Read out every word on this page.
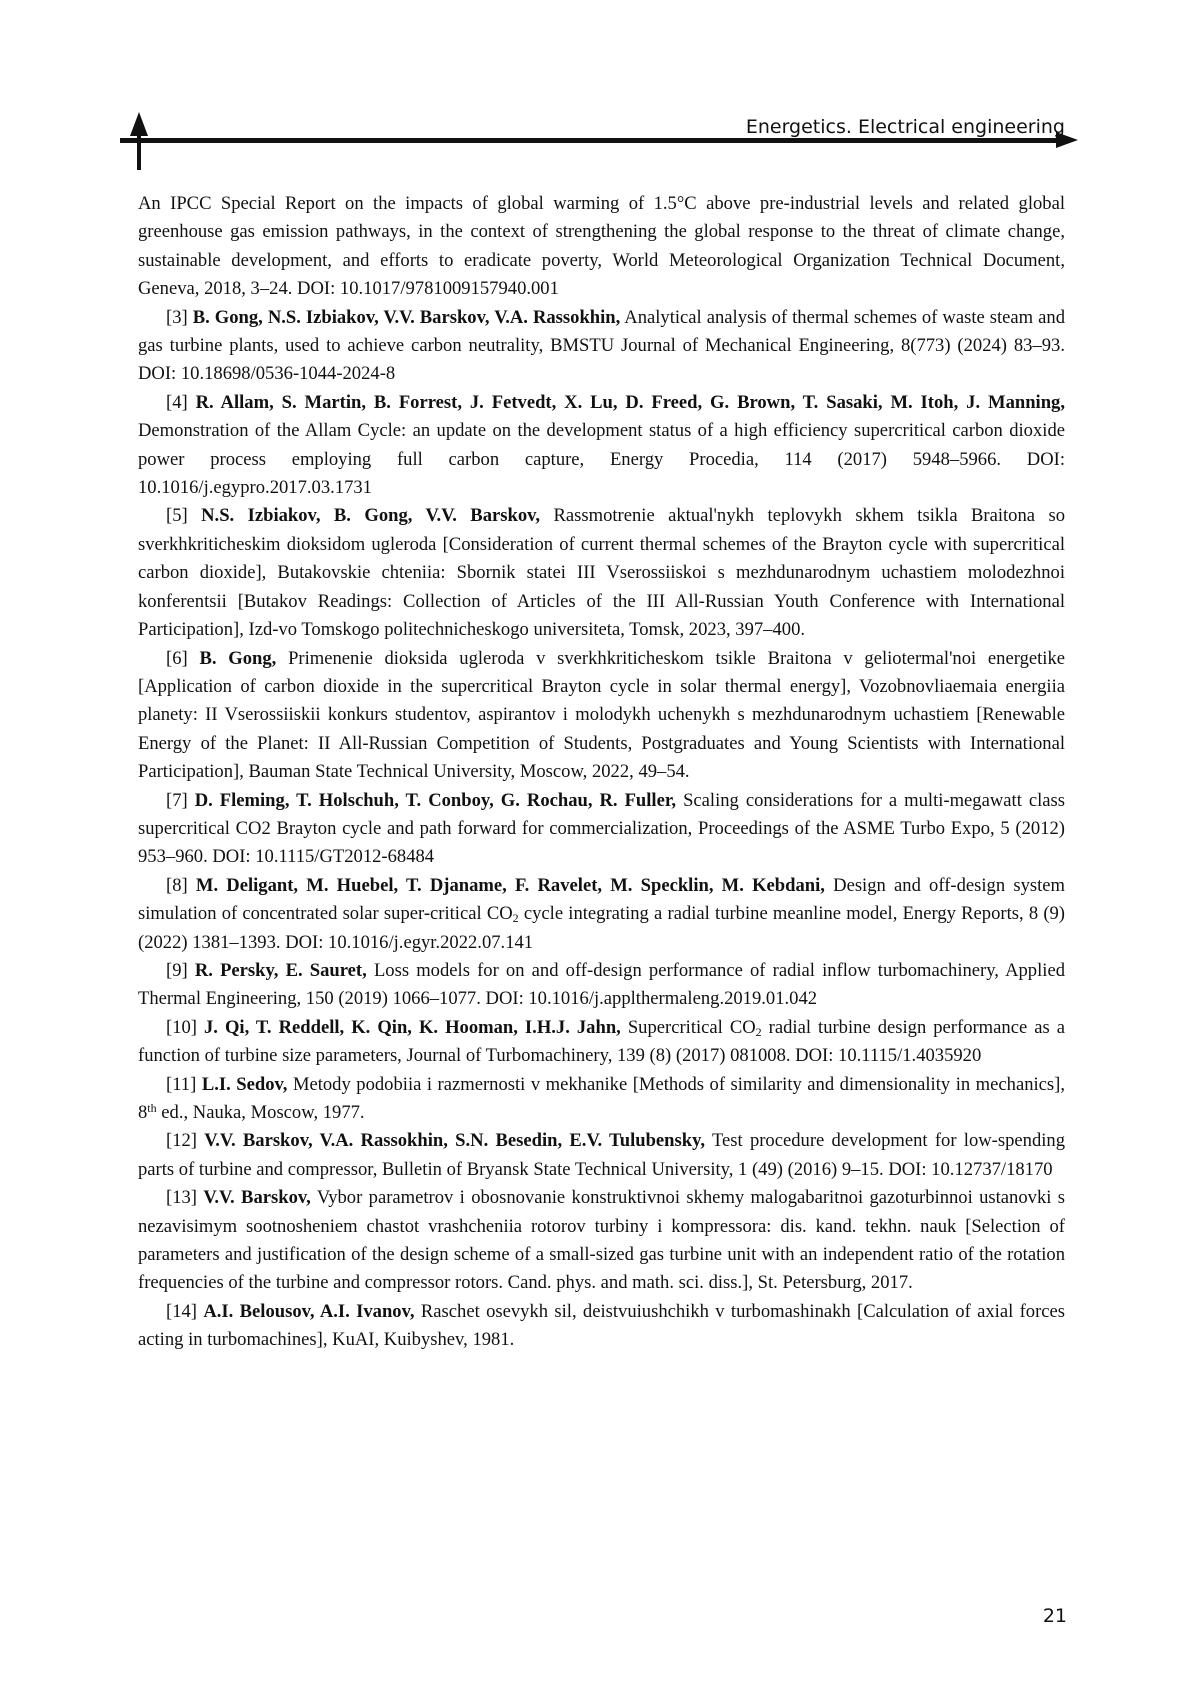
Energetics. Electrical engineering

An IPCC Special Report on the impacts of global warming of 1.5°C above pre-industrial levels and related global greenhouse gas emission pathways, in the context of strengthening the global response to the threat of climate change, sustainable development, and efforts to eradicate poverty, World Meteorological Organization Technical Document, Geneva, 2018, 3–24. DOI: 10.1017/9781009157940.001

[3] B. Gong, N.S. Izbiakov, V.V. Barskov, V.A. Rassokhin, Analytical analysis of thermal schemes of waste steam and gas turbine plants, used to achieve carbon neutrality, BMSTU Journal of Mechanical Engineering, 8(773) (2024) 83–93. DOI: 10.18698/0536-1044-2024-8

[4] R. Allam, S. Martin, B. Forrest, J. Fetvedt, X. Lu, D. Freed, G. Brown, T. Sasaki, M. Itoh, J. Manning, Demonstration of the Allam Cycle: an update on the development status of a high efficiency supercritical carbon dioxide power process employing full carbon capture, Energy Procedia, 114 (2017) 5948–5966. DOI: 10.1016/j.egypro.2017.03.1731

[5] N.S. Izbiakov, B. Gong, V.V. Barskov, Rassmotrenie aktual'nykh teplovykh skhem tsikla Braitona so sverkhkriticheskim dioksidom ugleroda [Consideration of current thermal schemes of the Brayton cycle with supercritical carbon dioxide], Butakovskie chteniia: Sbornik statei III Vserossiiskoi s mezhdunarodnym uchastiem molodezhnoi konferentsii [Butakov Readings: Collection of Articles of the III All-Russian Youth Conference with International Participation], Izd-vo Tomskogo politechnicheskogo universiteta, Tomsk, 2023, 397–400.

[6] B. Gong, Primenenie dioksida ugleroda v sverkhkriticheskom tsikle Braitona v geliotermal'noi energetike [Application of carbon dioxide in the supercritical Brayton cycle in solar thermal energy], Vozobnovliaemaia energiia planety: II Vserossiiskii konkurs studentov, aspirantov i molodykh uchenykh s mezhdunarodnym uchastiem [Renewable Energy of the Planet: II All-Russian Competition of Students, Postgraduates and Young Scientists with International Participation], Bauman State Technical University, Moscow, 2022, 49–54.

[7] D. Fleming, T. Holschuh, T. Conboy, G. Rochau, R. Fuller, Scaling considerations for a multi-megawatt class supercritical CO2 Brayton cycle and path forward for commercialization, Proceedings of the ASME Turbo Expo, 5 (2012) 953–960. DOI: 10.1115/GT2012-68484

[8] M. Deligant, M. Huebel, T. Djaname, F. Ravelet, M. Specklin, M. Kebdani, Design and off-design system simulation of concentrated solar super-critical $CO_2$ cycle integrating a radial turbine meanline model, Energy Reports, 8 (9) (2022) 1381–1393. DOI: 10.1016/j.egyr.2022.07.141

[9] R. Persky, E. Sauret, Loss models for on and off-design performance of radial inflow turbomachinery, Applied Thermal Engineering, 150 (2019) 1066–1077. DOI: 10.1016/j.applthermaleng.2019.01.042

[10] J. Qi, T. Reddell, K. Qin, K. Hooman, I.H.J. Jahn, Supercritical $CO_2$ radial turbine design performance as a function of turbine size parameters, Journal of Turbomachinery, 139 (8) (2017) 081008. DOI: 10.1115/1.4035920

[11] L.I. Sedov, Metody podobiia i razmernosti v mekhanike [Methods of similarity and dimensionality in mechanics], 8th ed., Nauka, Moscow, 1977.

[12] V.V. Barskov, V.A. Rassokhin, S.N. Besedin, E.V. Tulubensky, Test procedure development for low-spending parts of turbine and compressor, Bulletin of Bryansk State Technical University, 1 (49) (2016) 9–15. DOI: 10.12737/18170

[13] V.V. Barskov, Vybor parametrov i obosnovanie konstruktivnoi skhemy malogabaritnoi gazoturbinnoi ustanovki s nezavisimym sootnosheniem chastot vrashcheniia rotorov turbiny i kompressora: dis. kand. tekhn. nauk [Selection of parameters and justification of the design scheme of a small-sized gas turbine unit with an independent ratio of the rotation frequencies of the turbine and compressor rotors. Cand. phys. and math. sci. diss.], St. Petersburg, 2017.

[14] A.I. Belousov, A.I. Ivanov, Raschet osevykh sil, deistvuiushchikh v turbomashinakh [Calculation of axial forces acting in turbomachines], KuAI, Kuibyshev, 1981.

21
